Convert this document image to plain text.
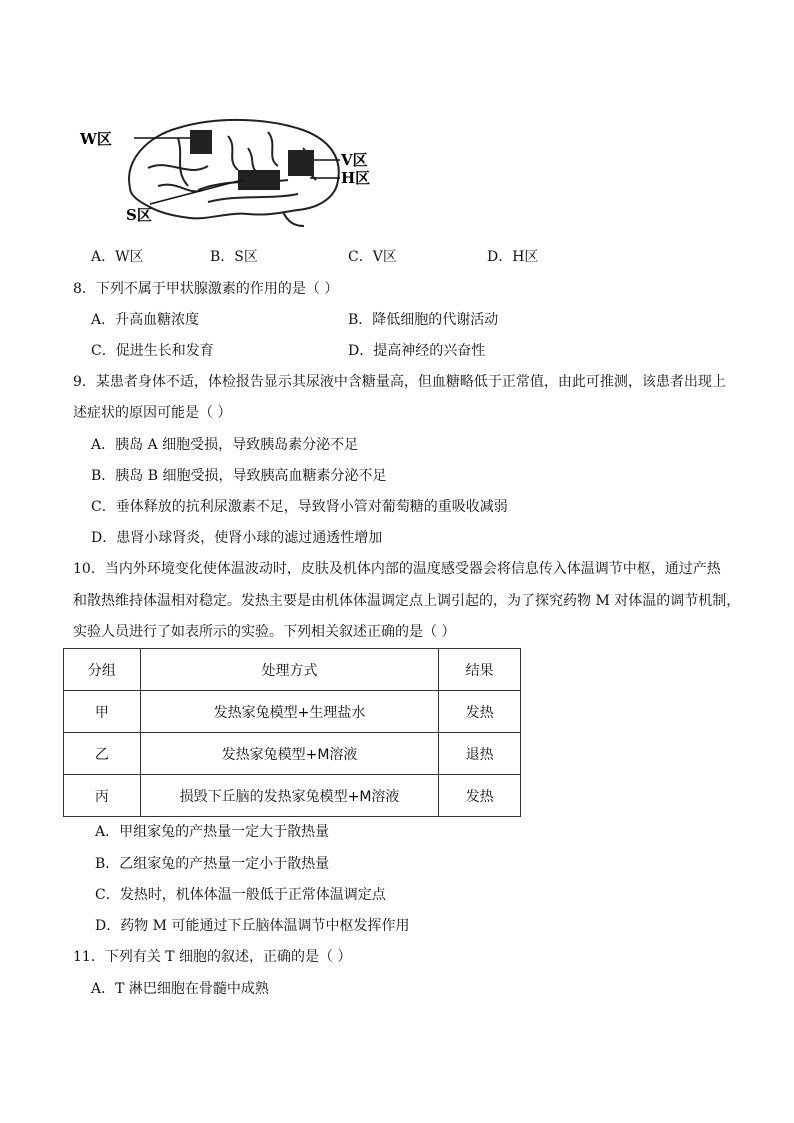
W区
V区
H区
S区
A．W区	B．S区	C．V区	D．H区
8．下列不属于甲状腺激素的作用的是（ ）
A．升高血糖浓度	B．降低细胞的代谢活动
C．促进生长和发育	D．提高神经的兴奋性
9．某患者身体不适，体检报告显示其尿液中含糖量高，但血糖略低于正常值，由此可推测，该患者出现上
述症状的原因可能是（ ）
A．胰岛 A 细胞受损，导致胰岛素分泌不足
B．胰岛 B 细胞受损，导致胰高血糖素分泌不足
C．垂体释放的抗利尿激素不足，导致肾小管对葡萄糖的重吸收减弱
D．患肾小球肾炎，使肾小球的滤过通透性增加
10．当内外环境变化使体温波动时，皮肤及机体内部的温度感受器会将信息传入体温调节中枢，通过产热
和散热维持体温相对稳定。发热主要是由机体体温调定点上调引起的，为了探究药物 M 对体温的调节机制，
实验人员进行了如表所示的实验。下列相关叙述正确的是（ ）
分组	处理方式	结果
甲	发热家兔模型+生理盐水	发热
乙	发热家兔模型+M溶液	退热
丙	损毁下丘脑的发热家兔模型+M溶液	发热
A．甲组家兔的产热量一定大于散热量
B．乙组家兔的产热量一定小于散热量
C．发热时，机体体温一般低于正常体温调定点
D．药物 M 可能通过下丘脑体温调节中枢发挥作用
11．下列有关 T 细胞的叙述，正确的是（ ）
A．T 淋巴细胞在骨髓中成熟
